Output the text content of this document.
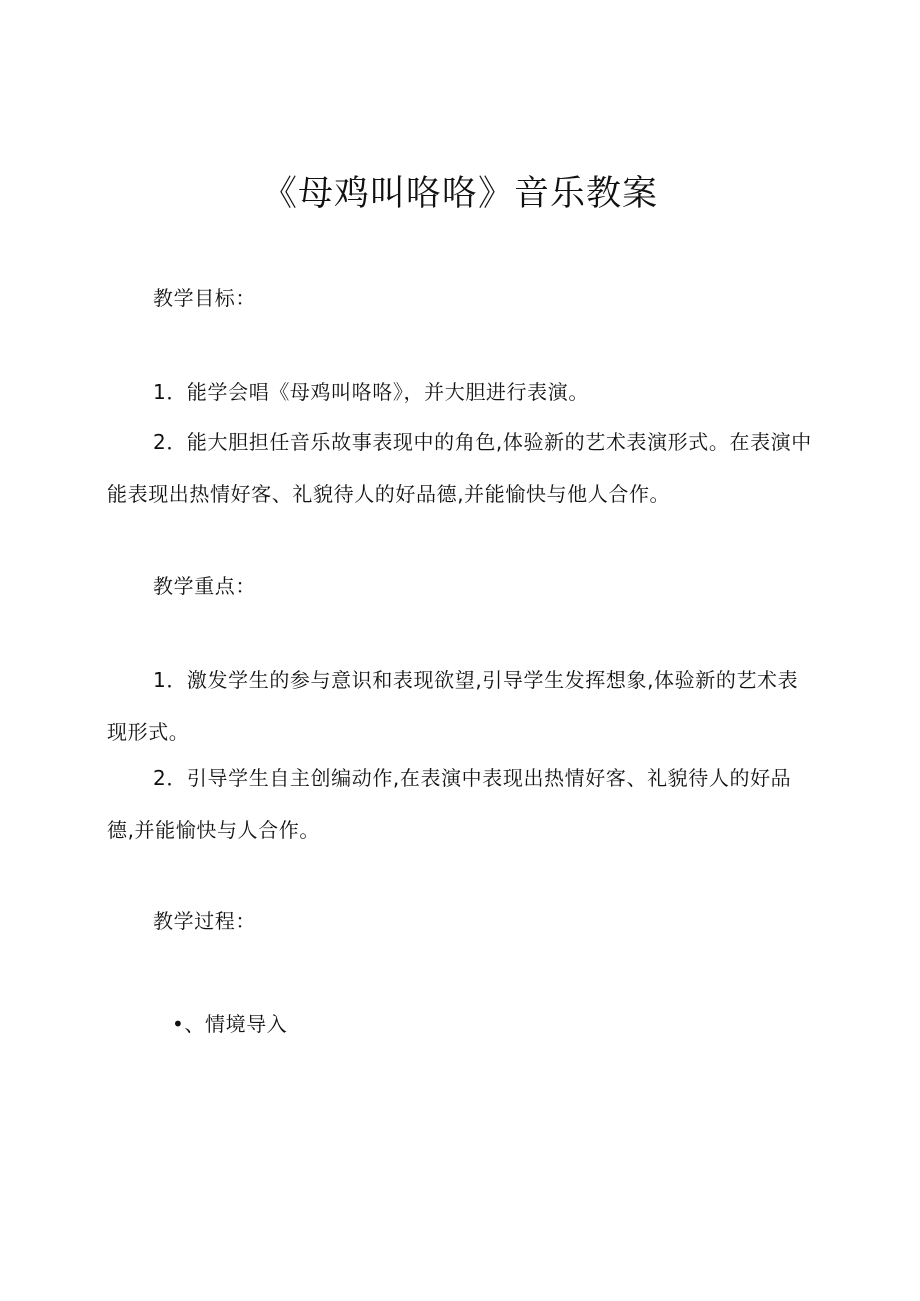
《母鸡叫咯咯》音乐教案

教学目标：

1．能学会唱《母鸡叫咯咯》，并大胆进行表演。

2．能大胆担任音乐故事表现中的角色,体验新的艺术表演形式。在表演中能表现出热情好客、礼貌待人的好品德,并能愉快与他人合作。

教学重点：

1．激发学生的参与意识和表现欲望,引导学生发挥想象,体验新的艺术表现形式。

2．引导学生自主创编动作,在表演中表现出热情好客、礼貌待人的好品德,并能愉快与人合作。

教学过程：

•、情境导入
